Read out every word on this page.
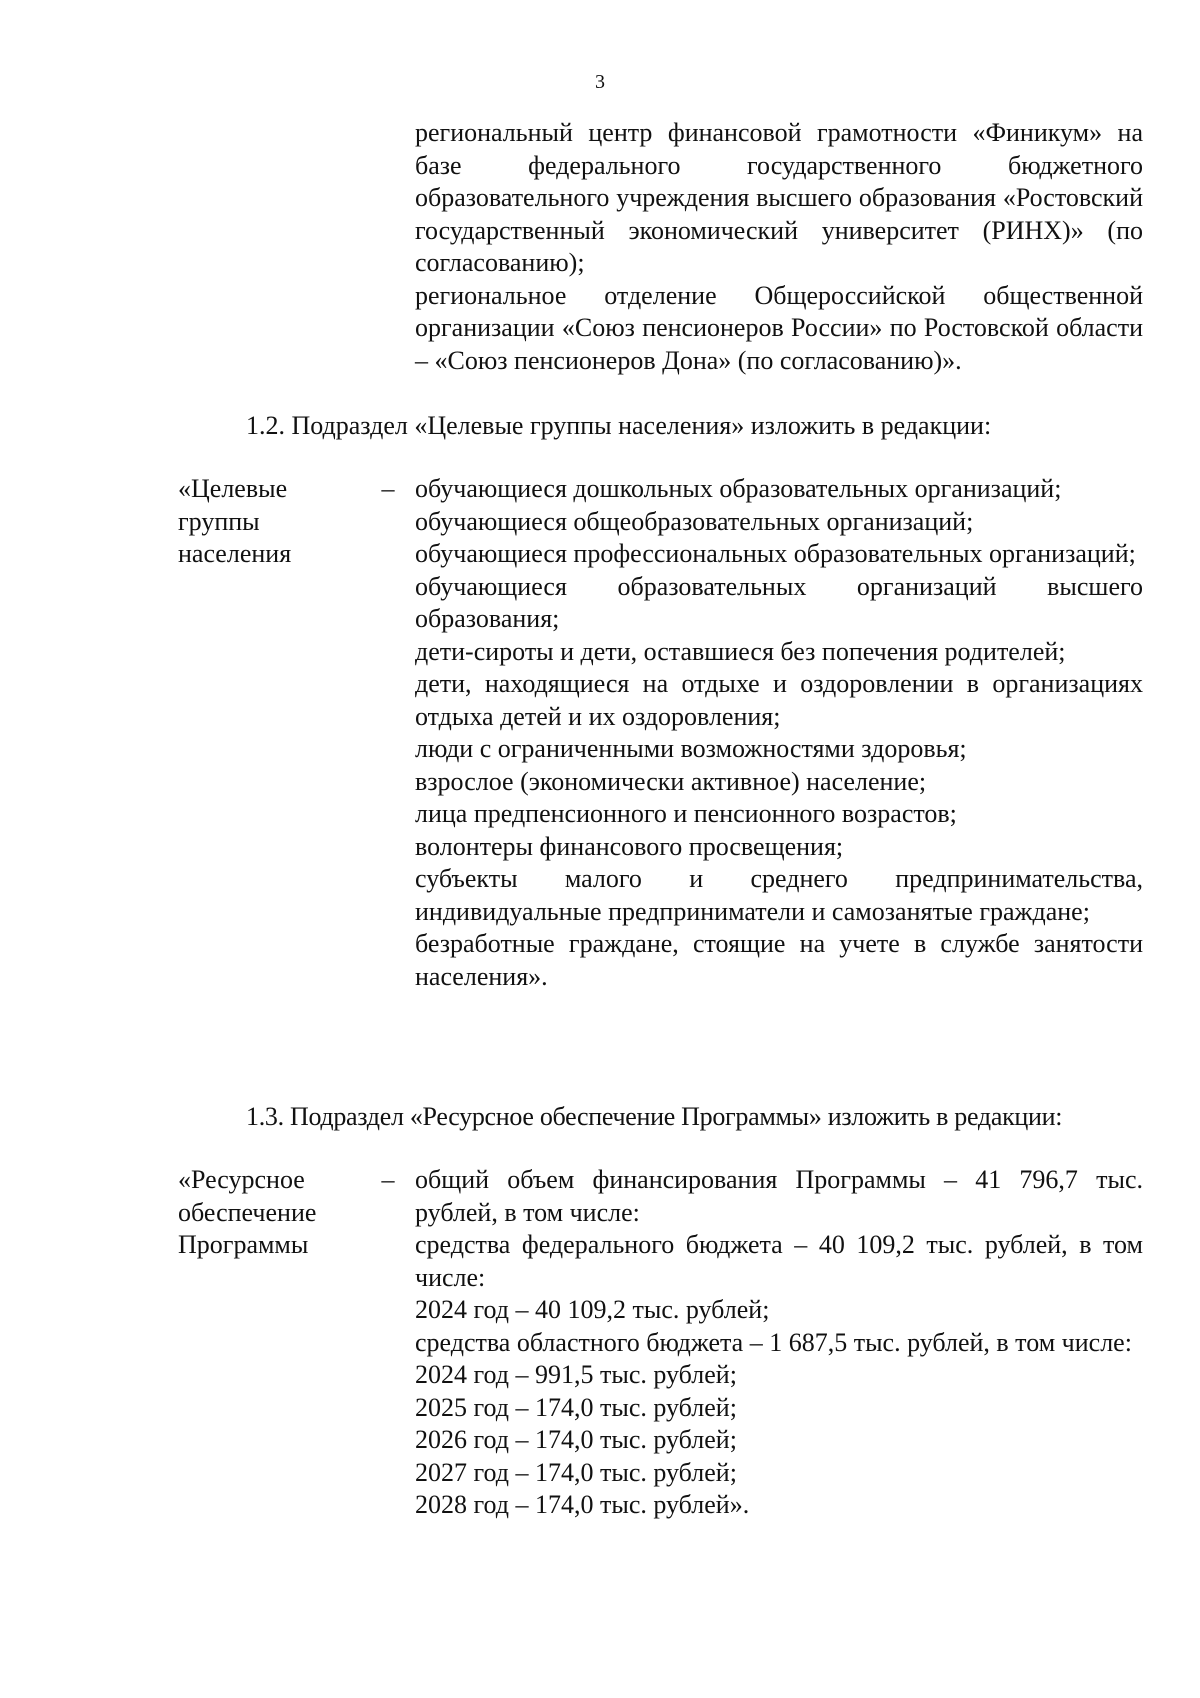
3

региональный центр финансовой грамотности «Финикум» на базе федерального государственного бюджетного образовательного учреждения высшего образования «Ростовский государственный экономический университет (РИНХ)» (по согласованию);

региональное отделение Общероссийской общественной организации «Союз пенсионеров России» по Ростовской области – «Союз пенсионеров Дона» (по согласованию)».

1.2. Подраздел «Целевые группы населения» изложить в редакции:

«Целевые группы населения
– обучающиеся дошкольных образовательных организаций;

обучающиеся общеобразовательных организаций;

обучающиеся профессиональных образовательных организаций;

обучающиеся образовательных организаций высшего образования;

дети-сироты и дети, оставшиеся без попечения родителей;

дети, находящиеся на отдыхе и оздоровлении в организациях отдыха детей и их оздоровления;

люди с ограниченными возможностями здоровья;

взрослое (экономически активное) население;

лица предпенсионного и пенсионного возрастов;

волонтеры финансового просвещения;

субъекты малого и среднего предпринимательства, индивидуальные предприниматели и самозанятые граждане;

безработные граждане, стоящие на учете в службе занятости населения».

1.3. Подраздел «Ресурсное обеспечение Программы» изложить в редакции:

«Ресурсное обеспечение Программы
– общий объем финансирования Программы – 41 796,7 тыс. рублей, в том числе:

средства федерального бюджета – 40 109,2 тыс. рублей, в том числе:

2024 год – 40 109,2 тыс. рублей;

средства областного бюджета – 1 687,5 тыс. рублей, в том числе:

2024 год – 991,5 тыс. рублей;

2025 год – 174,0 тыс. рублей;

2026 год – 174,0 тыс. рублей;

2027 год – 174,0 тыс. рублей;

2028 год – 174,0 тыс. рублей».
